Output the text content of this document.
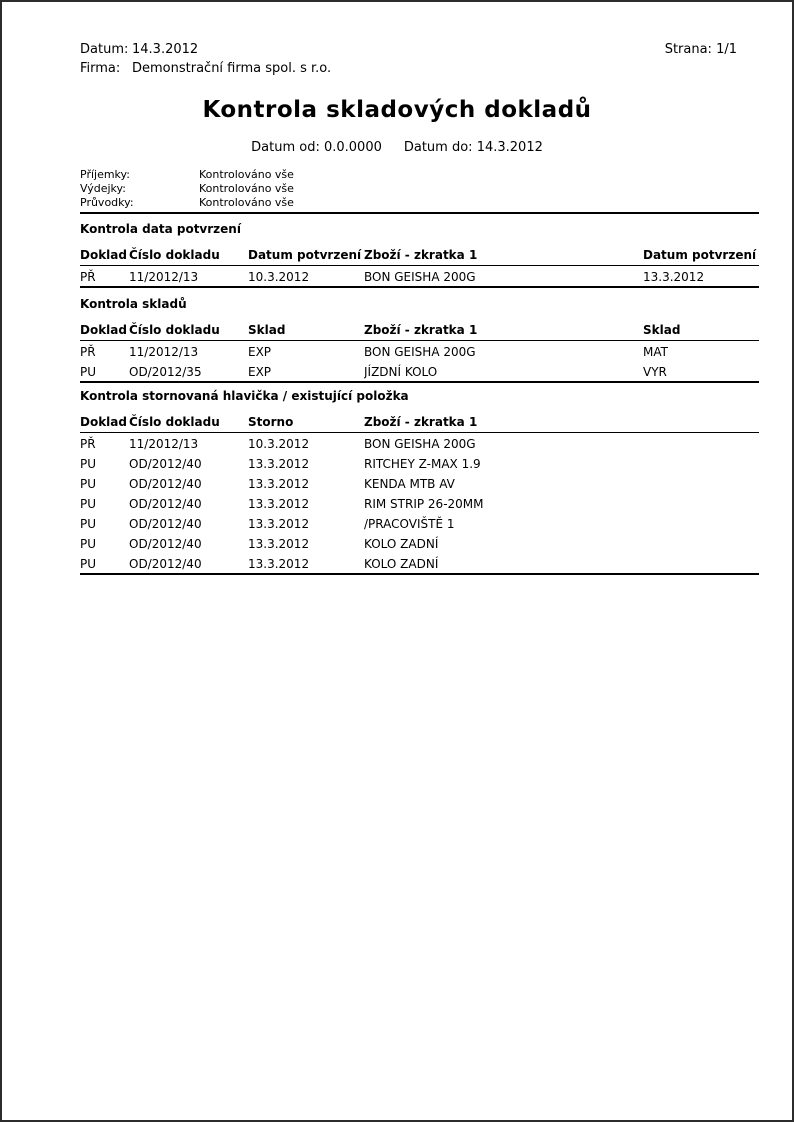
Datum: 14.3.2012
Firma: Demonstrační firma spol. s r.o.
Strana: 1/1
Kontrola skladových dokladů
Datum od: 0.0.0000 Datum do: 14.3.2012
Příjemky:	Kontrolováno vše
Výdejky:	Kontrolováno vše
Průvodky:	Kontrolováno vše
Kontrola data potvrzení
Doklad	Číslo dokladu	Datum potvrzení	Zboží - zkratka 1	Datum potvrzení
PŘ	11/2012/13	10.3.2012	BON GEISHA 200G	13.3.2012
Kontrola skladů
Doklad	Číslo dokladu	Sklad	Zboží - zkratka 1	Sklad
PŘ	11/2012/13	EXP	BON GEISHA 200G	MAT
PU	OD/2012/35	EXP	JÍZDNÍ KOLO	VYR
Kontrola stornovaná hlavička / existující položka
Doklad	Číslo dokladu	Storno	Zboží - zkratka 1
PŘ	11/2012/13	10.3.2012	BON GEISHA 200G
PU	OD/2012/40	13.3.2012	RITCHEY Z-MAX 1.9
PU	OD/2012/40	13.3.2012	KENDA MTB AV
PU	OD/2012/40	13.3.2012	RIM STRIP 26-20MM
PU	OD/2012/40	13.3.2012	/PRACOVIŠTĚ 1
PU	OD/2012/40	13.3.2012	KOLO ZADNÍ
PU	OD/2012/40	13.3.2012	KOLO ZADNÍ
